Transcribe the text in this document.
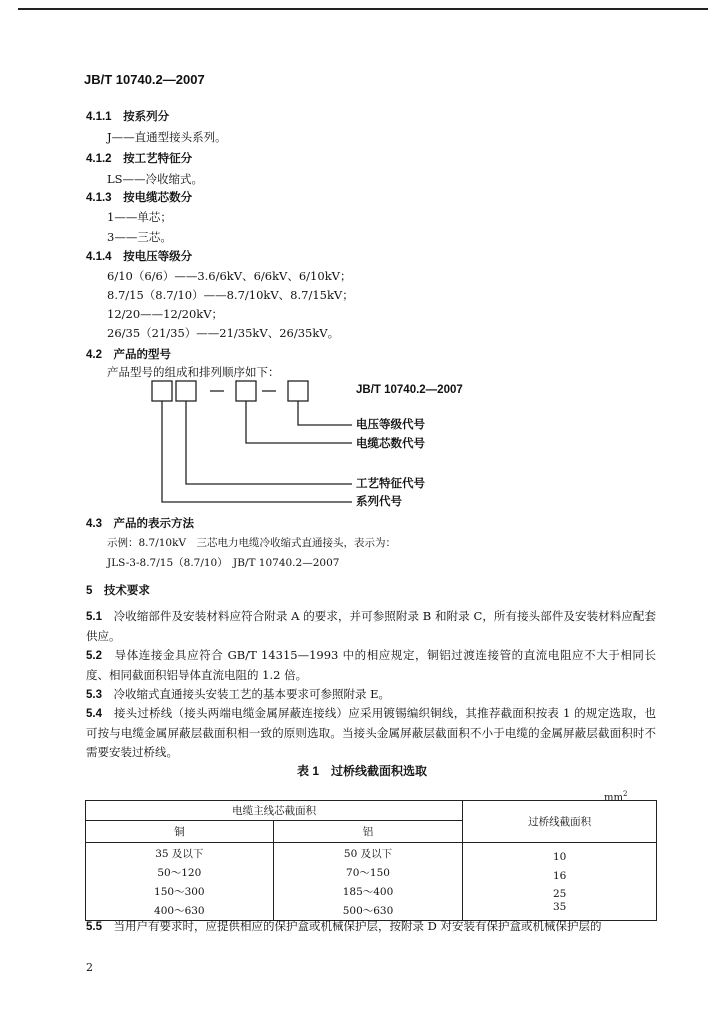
JB/T 10740.2—2007
4.1.1　 按系列分
J——直通型接头系列。
4.1.2　 按工艺特征分
LS——冷收缩式。
4.1.3　 按电缆芯数分
1——单芯；
3——三芯。
4.1.4　 按电压等级分
6/10（6/6）——3.6/6kV、6/6kV、6/10kV；
8.7/15（8.7/10）——8.7/10kV、8.7/15kV；
12/20——12/20kV；
26/35（21/35）——21/35kV、26/35kV。
4.2　 产品的型号
产品型号的组成和排列顺序如下：
JB/T 10740.2—2007
电压等级代号
电缆芯数代号
工艺特征代号
系列代号
4.3　 产品的表示方法
示例：8.7/10kV　三芯电力电缆冷收缩式直通接头，表示为：
JLS-3-8.7/15（8.7/10）　JB/T 10740.2—2007
5　 技术要求
5.1　 冷收缩部件及安装材料应符合附录 A 的要求，并可参照附录 B 和附录 C，所有接头部件及安装材料应配套供应。
5.2　 导体连接金具应符合 GB/T 14315—1993 中的相应规定，铜铝过渡连接管的直流电阻应不大于相同长度、相同截面积铝导体直流电阻的 1.2 倍。
5.3　 冷收缩式直通接头安装工艺的基本要求可参照附录 E。
5.4　 接头过桥线（接头两端电缆金属屏蔽连接线）应采用镀锡编织铜线，其推荐截面积按表 1 的规定选取，也可按与电缆金属屏蔽层截面积相一致的原则选取。当接头金属屏蔽层截面积不小于电缆的金属屏蔽层截面积时不需要安装过桥线。
表 1　过桥线截面积选取
$mm^2$
电缆主线芯截面积		过桥线截面积
铜	铝	
35 及以下	50 及以下	10
50～120	70～150	16
150～300	185～400	25
400～630	500～630	35
5.5　 当用户有要求时，应提供相应的保护盒或机械保护层，按附录 D 对安装有保护盒或机械保护层的
2
